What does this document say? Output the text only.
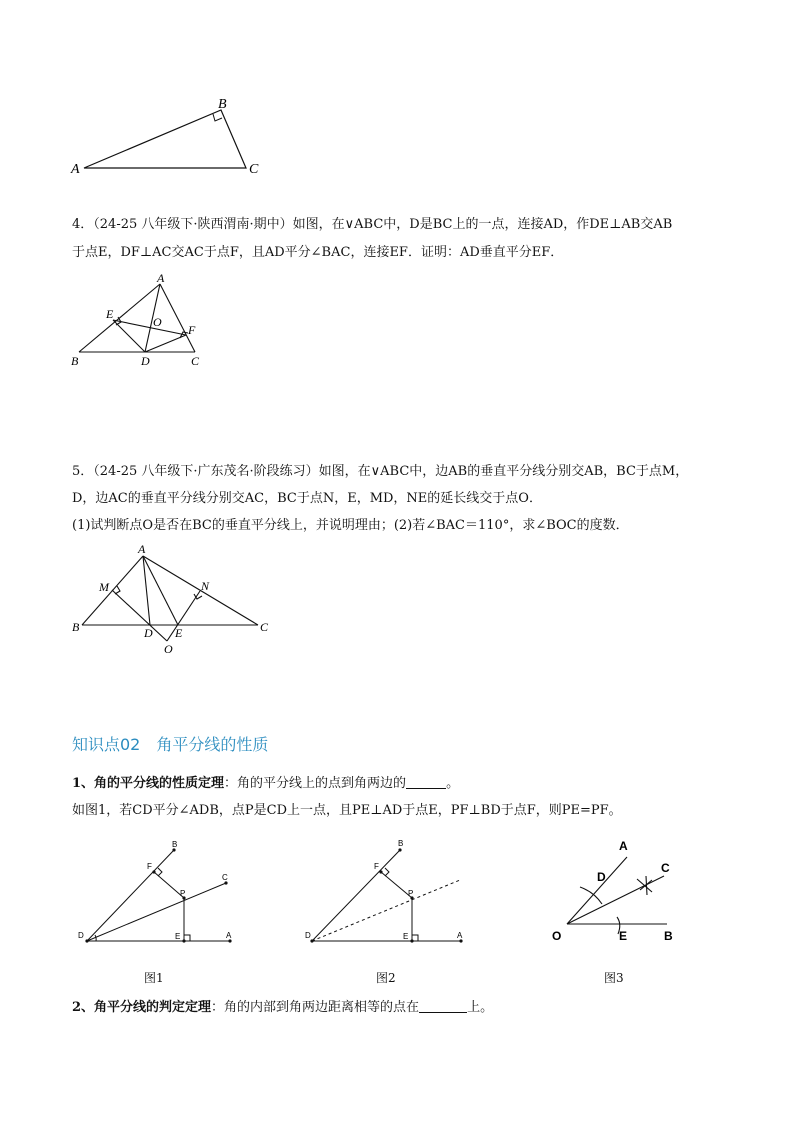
B
A	C
4．（24-25 八年级下·陕西渭南·期中）如图，在∨ABC中，D是BC上的一点，连接AD，作DE⊥AB交AB
于点E，DF⊥AC交AC于点F，且AD平分∠BAC，连接EF．证明：AD垂直平分EF．
A
E
O
F
B	D	C
5．（24-25 八年级下·广东茂名·阶段练习）如图，在∨ABC中，边AB的垂直平分线分别交AB，BC于点M，
D，边AC的垂直平分线分别交AC，BC于点N，E，MD，NE的延长线交于点O．
(1)试判断点O是否在BC的垂直平分线上，并说明理由；(2)若∠BAC＝110°，求∠BOC的度数．
A
M	N
B	D E	C
O
知识点02　角平分线的性质
1、角的平分线的性质定理：角的平分线上的点到角两边的	。
如图1，若CD平分∠ADB，点P是CD上一点，且PE⊥AD于点E，PF⊥BD于点F，则PE=PF。
B
F
C
P
D	E	A
图1
B
F
P
D	E	A
图2
A
C
D
O	E	B
图3
2、角平分线的判定定理：角的内部到角两边距离相等的点在	上。
